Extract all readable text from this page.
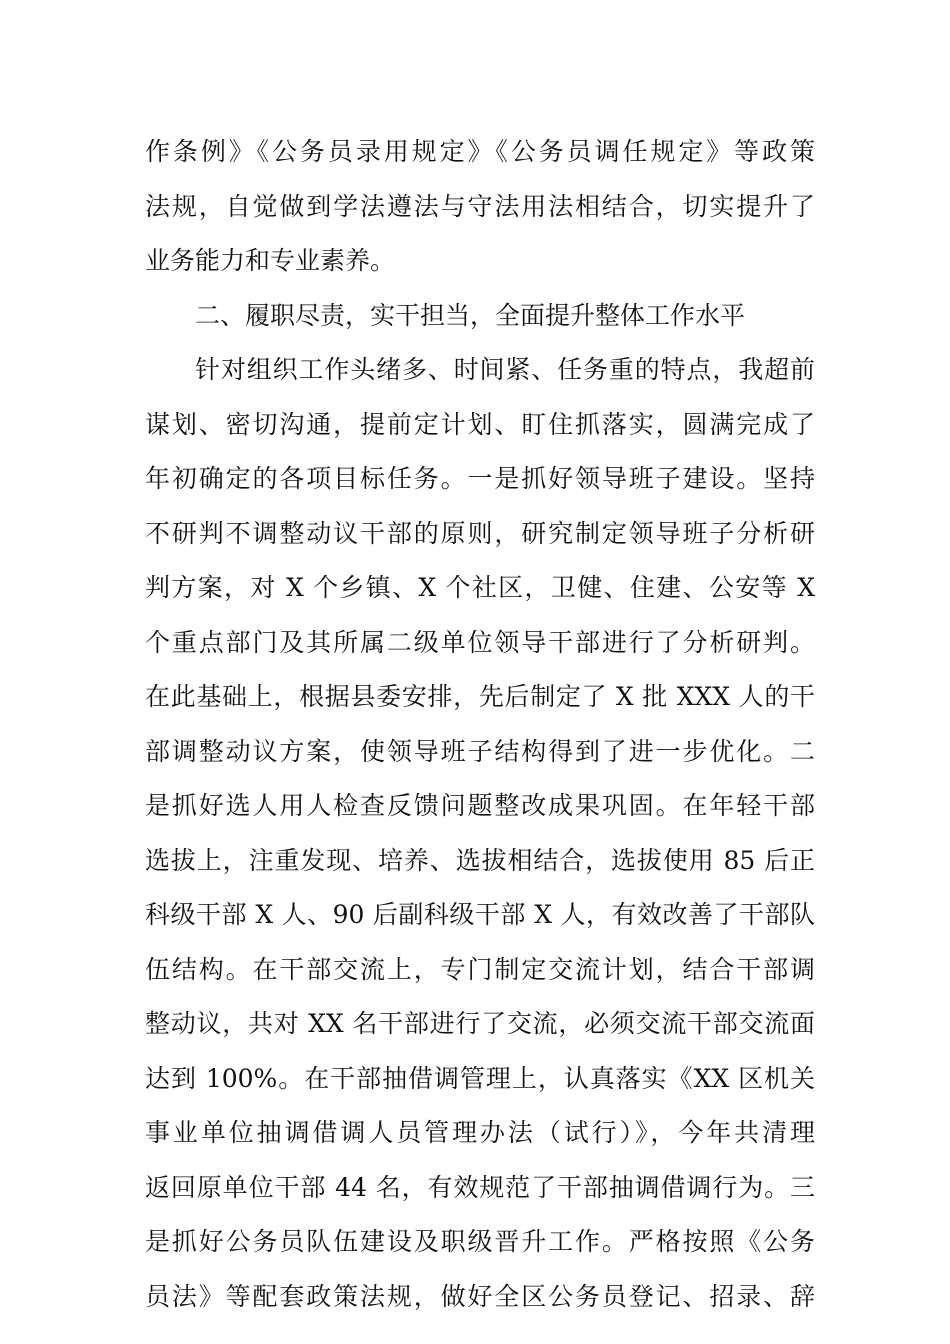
作条例》《公务员录用规定》《公务员调任规定》等政策
法规，自觉做到学法遵法与守法用法相结合，切实提升了
业务能力和专业素养。
二、履职尽责，实干担当，全面提升整体工作水平
针对组织工作头绪多、时间紧、任务重的特点，我超前
谋划、密切沟通，提前定计划、盯住抓落实，圆满完成了
年初确定的各项目标任务。一是抓好领导班子建设。坚持
不研判不调整动议干部的原则，研究制定领导班子分析研
判方案，对 X 个乡镇、X 个社区，卫健、住建、公安等 X
个重点部门及其所属二级单位领导干部进行了分析研判。
在此基础上，根据县委安排，先后制定了 X 批 XXX 人的干
部调整动议方案，使领导班子结构得到了进一步优化。二
是抓好选人用人检查反馈问题整改成果巩固。在年轻干部
选拔上，注重发现、培养、选拔相结合，选拔使用 85 后正
科级干部 X 人、90 后副科级干部 X 人，有效改善了干部队
伍结构。在干部交流上，专门制定交流计划，结合干部调
整动议，共对 XX 名干部进行了交流，必须交流干部交流面
达到 100%。在干部抽借调管理上，认真落实《XX 区机关
事业单位抽调借调人员管理办法（试行）》，今年共清理
返回原单位干部 44 名，有效规范了干部抽调借调行为。三
是抓好公务员队伍建设及职级晋升工作。严格按照《公务
员法》等配套政策法规，做好全区公务员登记、招录、辞
